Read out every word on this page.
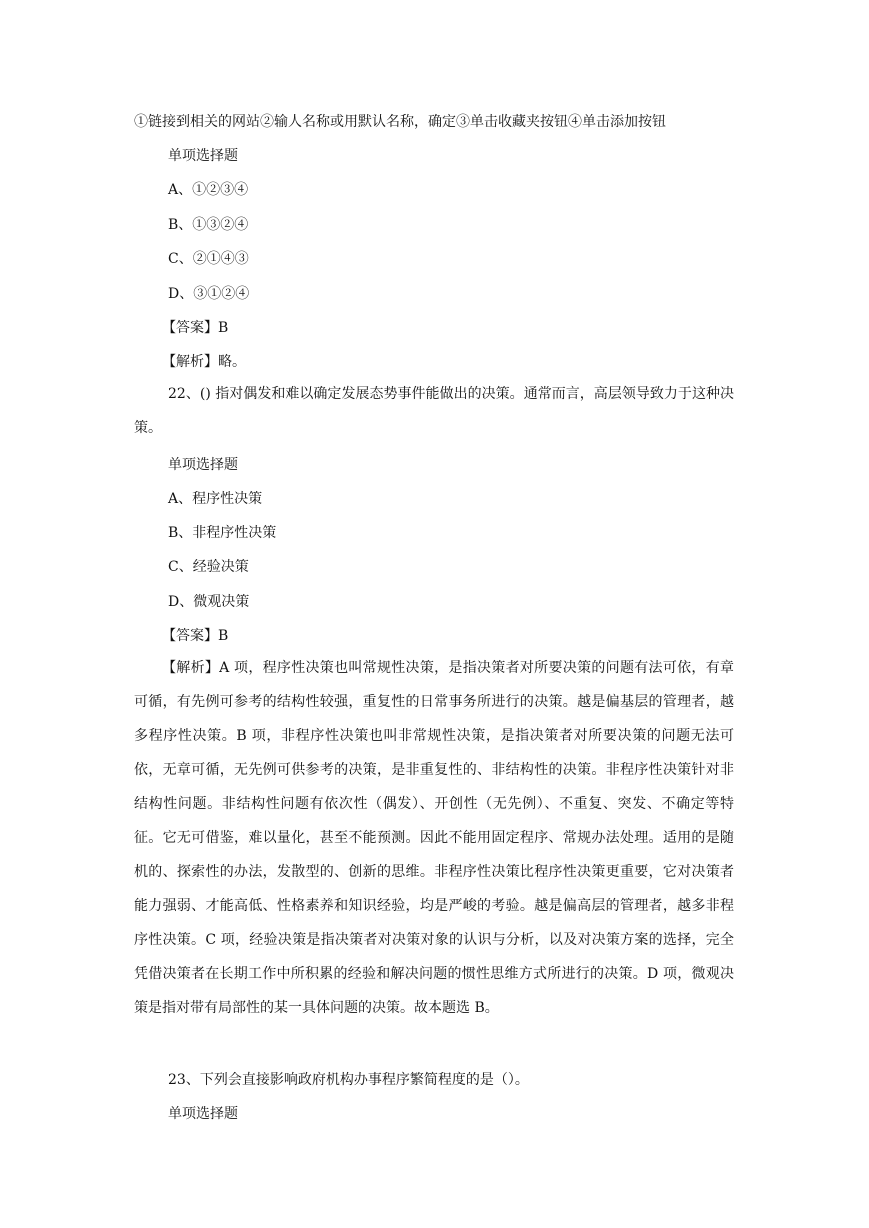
①链接到相关的网站②输人名称或用默认名称，确定③单击收藏夹按钮④单击添加按钮
单项选择题
A、①②③④
B、①③②④
C、②①④③
D、③①②④
【答案】B
【解析】略。
22、() 指对偶发和难以确定发展态势事件能做出的决策。通常而言，高层领导致力于这种决策。
单项选择题
A、程序性决策
B、非程序性决策
C、经验决策
D、微观决策
【答案】B
【解析】A 项，程序性决策也叫常规性决策，是指决策者对所要决策的问题有法可依，有章可循，有先例可参考的结构性较强，重复性的日常事务所进行的决策。越是偏基层的管理者，越多程序性决策。B 项，非程序性决策也叫非常规性决策，是指决策者对所要决策的问题无法可依，无章可循，无先例可供参考的决策，是非重复性的、非结构性的决策。非程序性决策针对非结构性问题。非结构性问题有依次性（偶发）、开创性（无先例）、不重复、突发、不确定等特征。它无可借鉴，难以量化，甚至不能预测。因此不能用固定程序、常规办法处理。适用的是随机的、探索性的办法，发散型的、创新的思维。非程序性决策比程序性决策更重要，它对决策者能力强弱、才能高低、性格素养和知识经验，均是严峻的考验。越是偏高层的管理者，越多非程序性决策。C 项，经验决策是指决策者对决策对象的认识与分析，以及对决策方案的选择，完全凭借决策者在长期工作中所积累的经验和解决问题的惯性思维方式所进行的决策。D 项，微观决策是指对带有局部性的某一具体问题的决策。故本题选 B。
23、下列会直接影响政府机构办事程序繁简程度的是（）。
单项选择题
